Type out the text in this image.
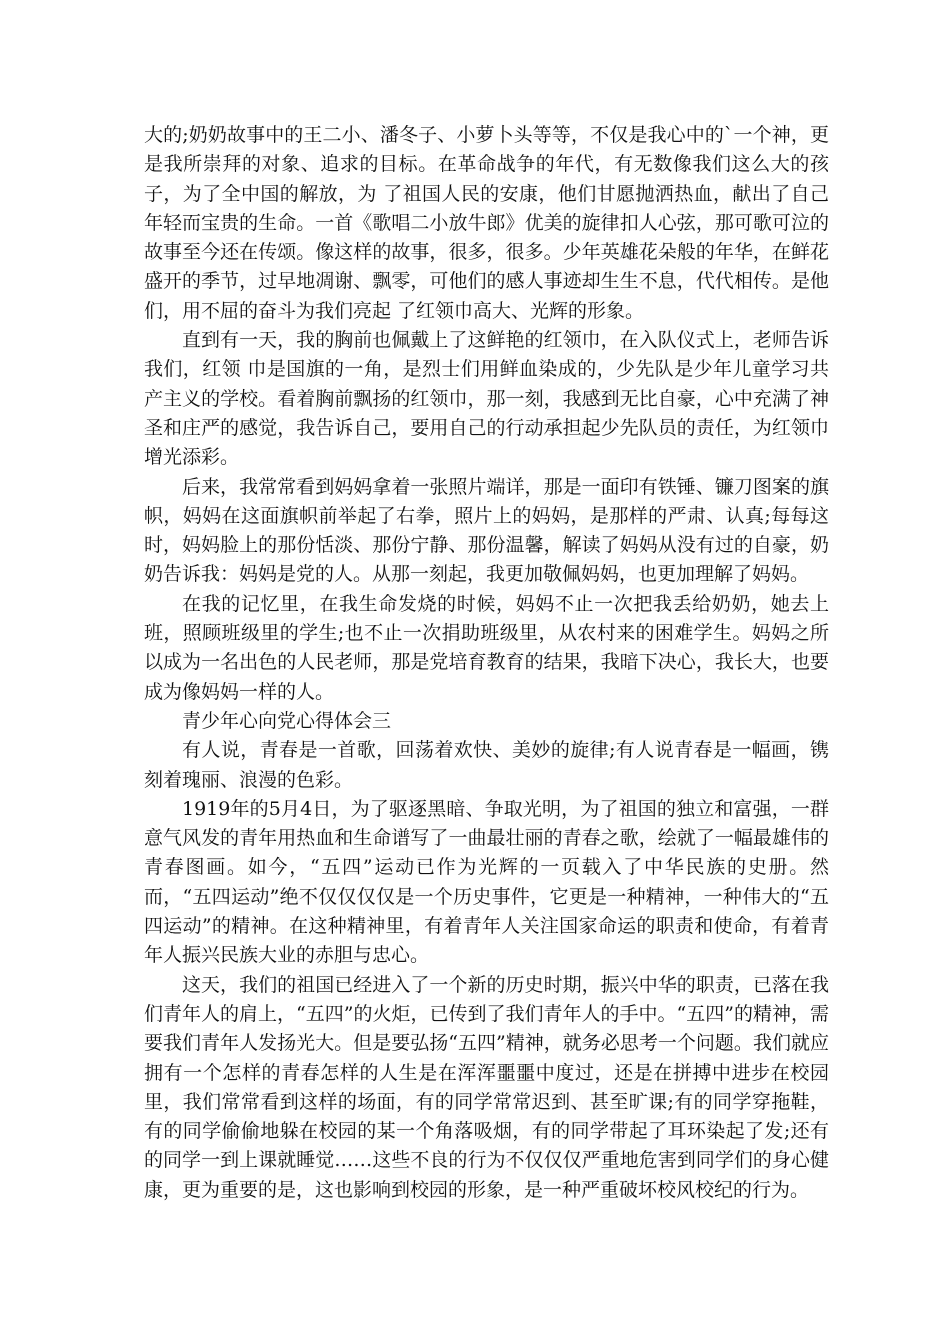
大的;奶奶故事中的王二小、潘冬子、小萝卜头等等，不仅是我心中的`一个神，更是我所崇拜的对象、追求的目标。在革命战争的年代，有无数像我们这么大的孩子，为了全中国的解放，为 了祖国人民的安康，他们甘愿抛洒热血，献出了自己年轻而宝贵的生命。一首《歌唱二小放牛郎》优美的旋律扣人心弦，那可歌可泣的故事至今还在传颂。像这样的故事，很多，很多。少年英雄花朵般的年华，在鲜花盛开的季节，过早地凋谢、飘零，可他们的感人事迹却生生不息，代代相传。是他们，用不屈的奋斗为我们亮起 了红领巾高大、光辉的形象。

直到有一天，我的胸前也佩戴上了这鲜艳的红领巾，在入队仪式上，老师告诉我们，红领 巾是国旗的一角，是烈士们用鲜血染成的，少先队是少年儿童学习共产主义的学校。看着胸前飘扬的红领巾，那一刻，我感到无比自豪，心中充满了神圣和庄严的感觉，我告诉自己，要用自己的行动承担起少先队员的责任，为红领巾增光添彩。

后来，我常常看到妈妈拿着一张照片端详，那是一面印有铁锤、镰刀图案的旗帜，妈妈在这面旗帜前举起了右拳，照片上的妈妈，是那样的严肃、认真;每每这时，妈妈脸上的那份恬淡、那份宁静、那份温馨，解读了妈妈从没有过的自豪，奶奶告诉我：妈妈是党的人。从那一刻起，我更加敬佩妈妈，也更加理解了妈妈。

在我的记忆里，在我生命发烧的时候，妈妈不止一次把我丢给奶奶，她去上班，照顾班级里的学生;也不止一次捐助班级里，从农村来的困难学生。妈妈之所以成为一名出色的人民老师，那是党培育教育的结果，我暗下决心，我长大，也要成为像妈妈一样的人。

青少年心向党心得体会三

有人说，青春是一首歌，回荡着欢快、美妙的旋律;有人说青春是一幅画，镌刻着瑰丽、浪漫的色彩。

1919年的5月4日，为了驱逐黑暗、争取光明，为了祖国的独立和富强，一群意气风发的青年用热血和生命谱写了一曲最壮丽的青春之歌，绘就了一幅最雄伟的青春图画。如今，“五四”运动已作为光辉的一页载入了中华民族的史册。然而，“五四运动”绝不仅仅仅仅是一个历史事件，它更是一种精神，一种伟大的“五四运动”的精神。在这种精神里，有着青年人关注国家命运的职责和使命，有着青年人振兴民族大业的赤胆与忠心。

这天，我们的祖国已经进入了一个新的历史时期，振兴中华的职责，已落在我们青年人的肩上，“五四”的火炬，已传到了我们青年人的手中。“五四”的精神，需要我们青年人发扬光大。但是要弘扬“五四”精神，就务必思考一个问题。我们就应拥有一个怎样的青春怎样的人生是在浑浑噩噩中度过，还是在拼搏中进步在校园里，我们常常看到这样的场面，有的同学常常迟到、甚至旷课;有的同学穿拖鞋，有的同学偷偷地躲在校园的某一个角落吸烟，有的同学带起了耳环染起了发;还有的同学一到上课就睡觉……这些不良的行为不仅仅仅严重地危害到同学们的身心健康，更为重要的是，这也影响到校园的形象，是一种严重破坏校风校纪的行为。
